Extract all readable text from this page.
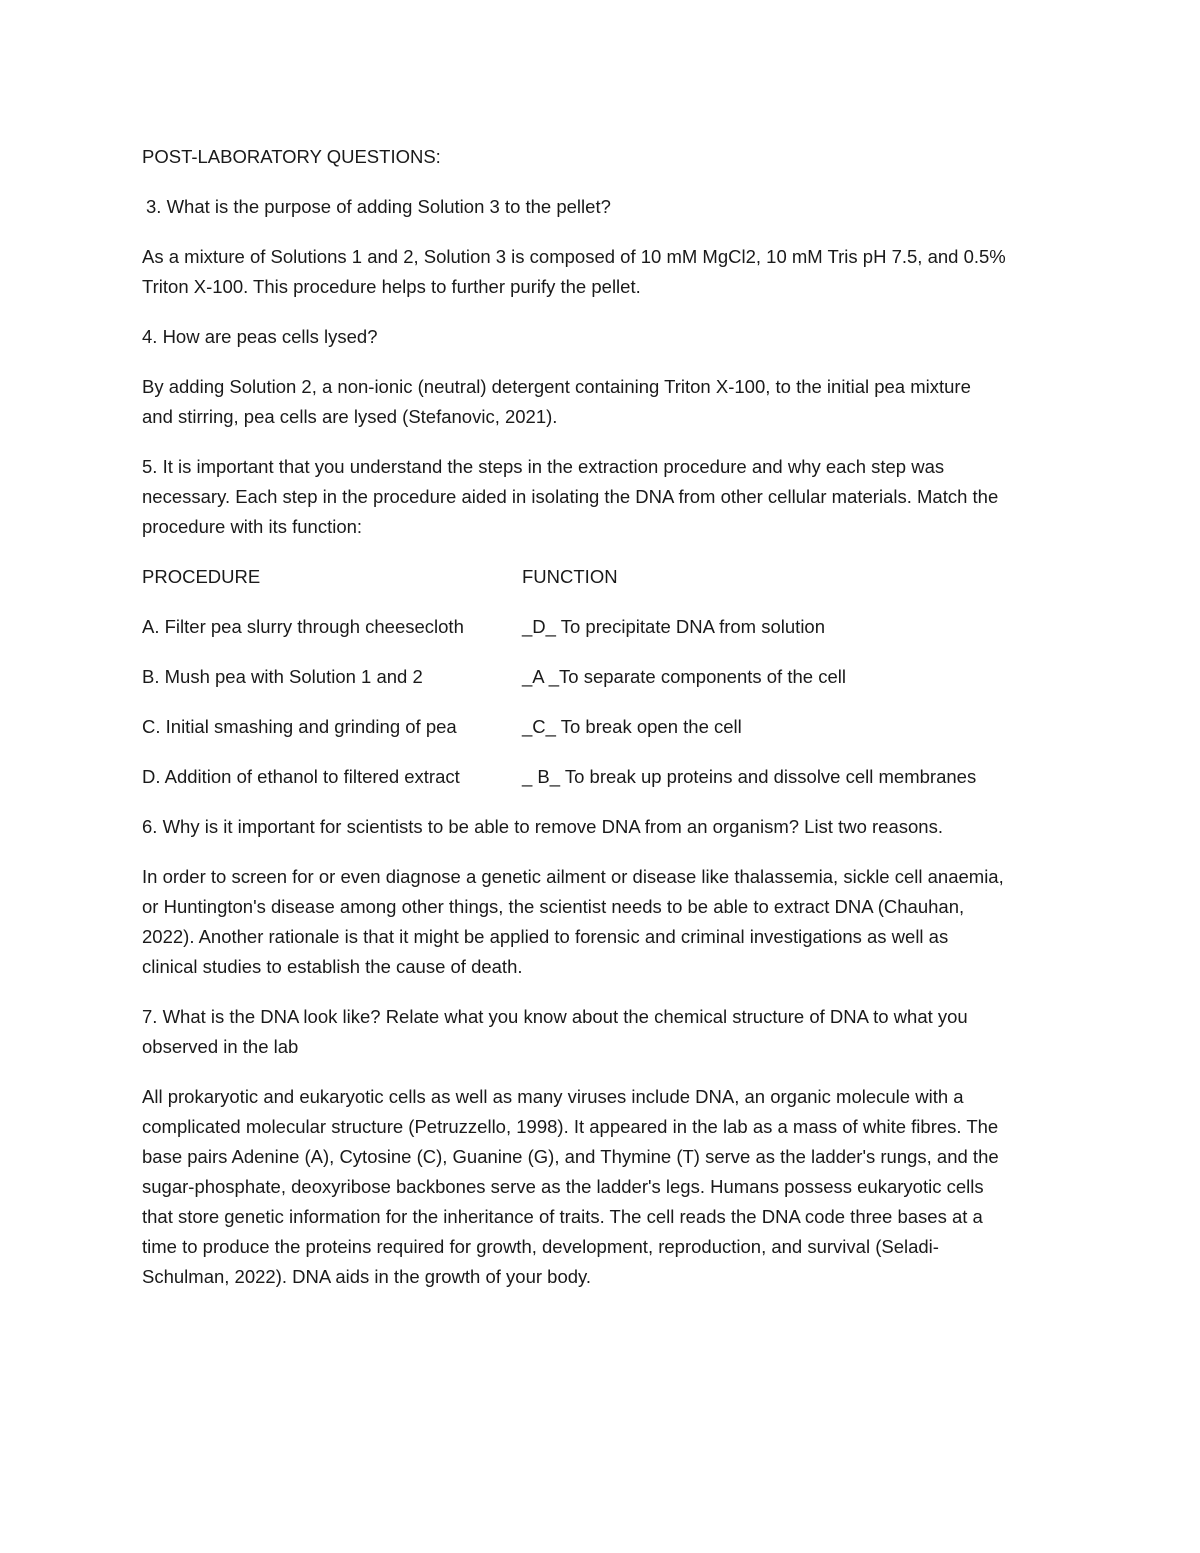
POST-LABORATORY QUESTIONS:
3. What is the purpose of adding Solution 3 to the pellet?
As a mixture of Solutions 1 and 2, Solution 3 is composed of 10 mM MgCl2, 10 mM Tris pH 7.5, and 0.5%
Triton X-100. This procedure helps to further purify the pellet.
4. How are peas cells lysed?
By adding Solution 2, a non-ionic (neutral) detergent containing Triton X-100, to the initial pea mixture
and stirring, pea cells are lysed (Stefanovic, 2021).
5. It is important that you understand the steps in the extraction procedure and why each step was
necessary. Each step in the procedure aided in isolating the DNA from other cellular materials. Match the
procedure with its function:
PROCEDURE	FUNCTION
A. Filter pea slurry through cheesecloth	_D_ To precipitate DNA from solution
B. Mush pea with Solution 1 and 2	_A _To separate components of the cell
C. Initial smashing and grinding of pea	_C_ To break open the cell
D. Addition of ethanol to filtered extract	_ B_ To break up proteins and dissolve cell membranes
6. Why is it important for scientists to be able to remove DNA from an organism? List two reasons.
In order to screen for or even diagnose a genetic ailment or disease like thalassemia, sickle cell anaemia,
or Huntington's disease among other things, the scientist needs to be able to extract DNA (Chauhan,
2022). Another rationale is that it might be applied to forensic and criminal investigations as well as
clinical studies to establish the cause of death.
7. What is the DNA look like? Relate what you know about the chemical structure of DNA to what you
observed in the lab
All prokaryotic and eukaryotic cells as well as many viruses include DNA, an organic molecule with a
complicated molecular structure (Petruzzello, 1998). It appeared in the lab as a mass of white fibres. The
base pairs Adenine (A), Cytosine (C), Guanine (G), and Thymine (T) serve as the ladder's rungs, and the
sugar-phosphate, deoxyribose backbones serve as the ladder's legs. Humans possess eukaryotic cells
that store genetic information for the inheritance of traits. The cell reads the DNA code three bases at a
time to produce the proteins required for growth, development, reproduction, and survival (Seladi-
Schulman, 2022). DNA aids in the growth of your body.
